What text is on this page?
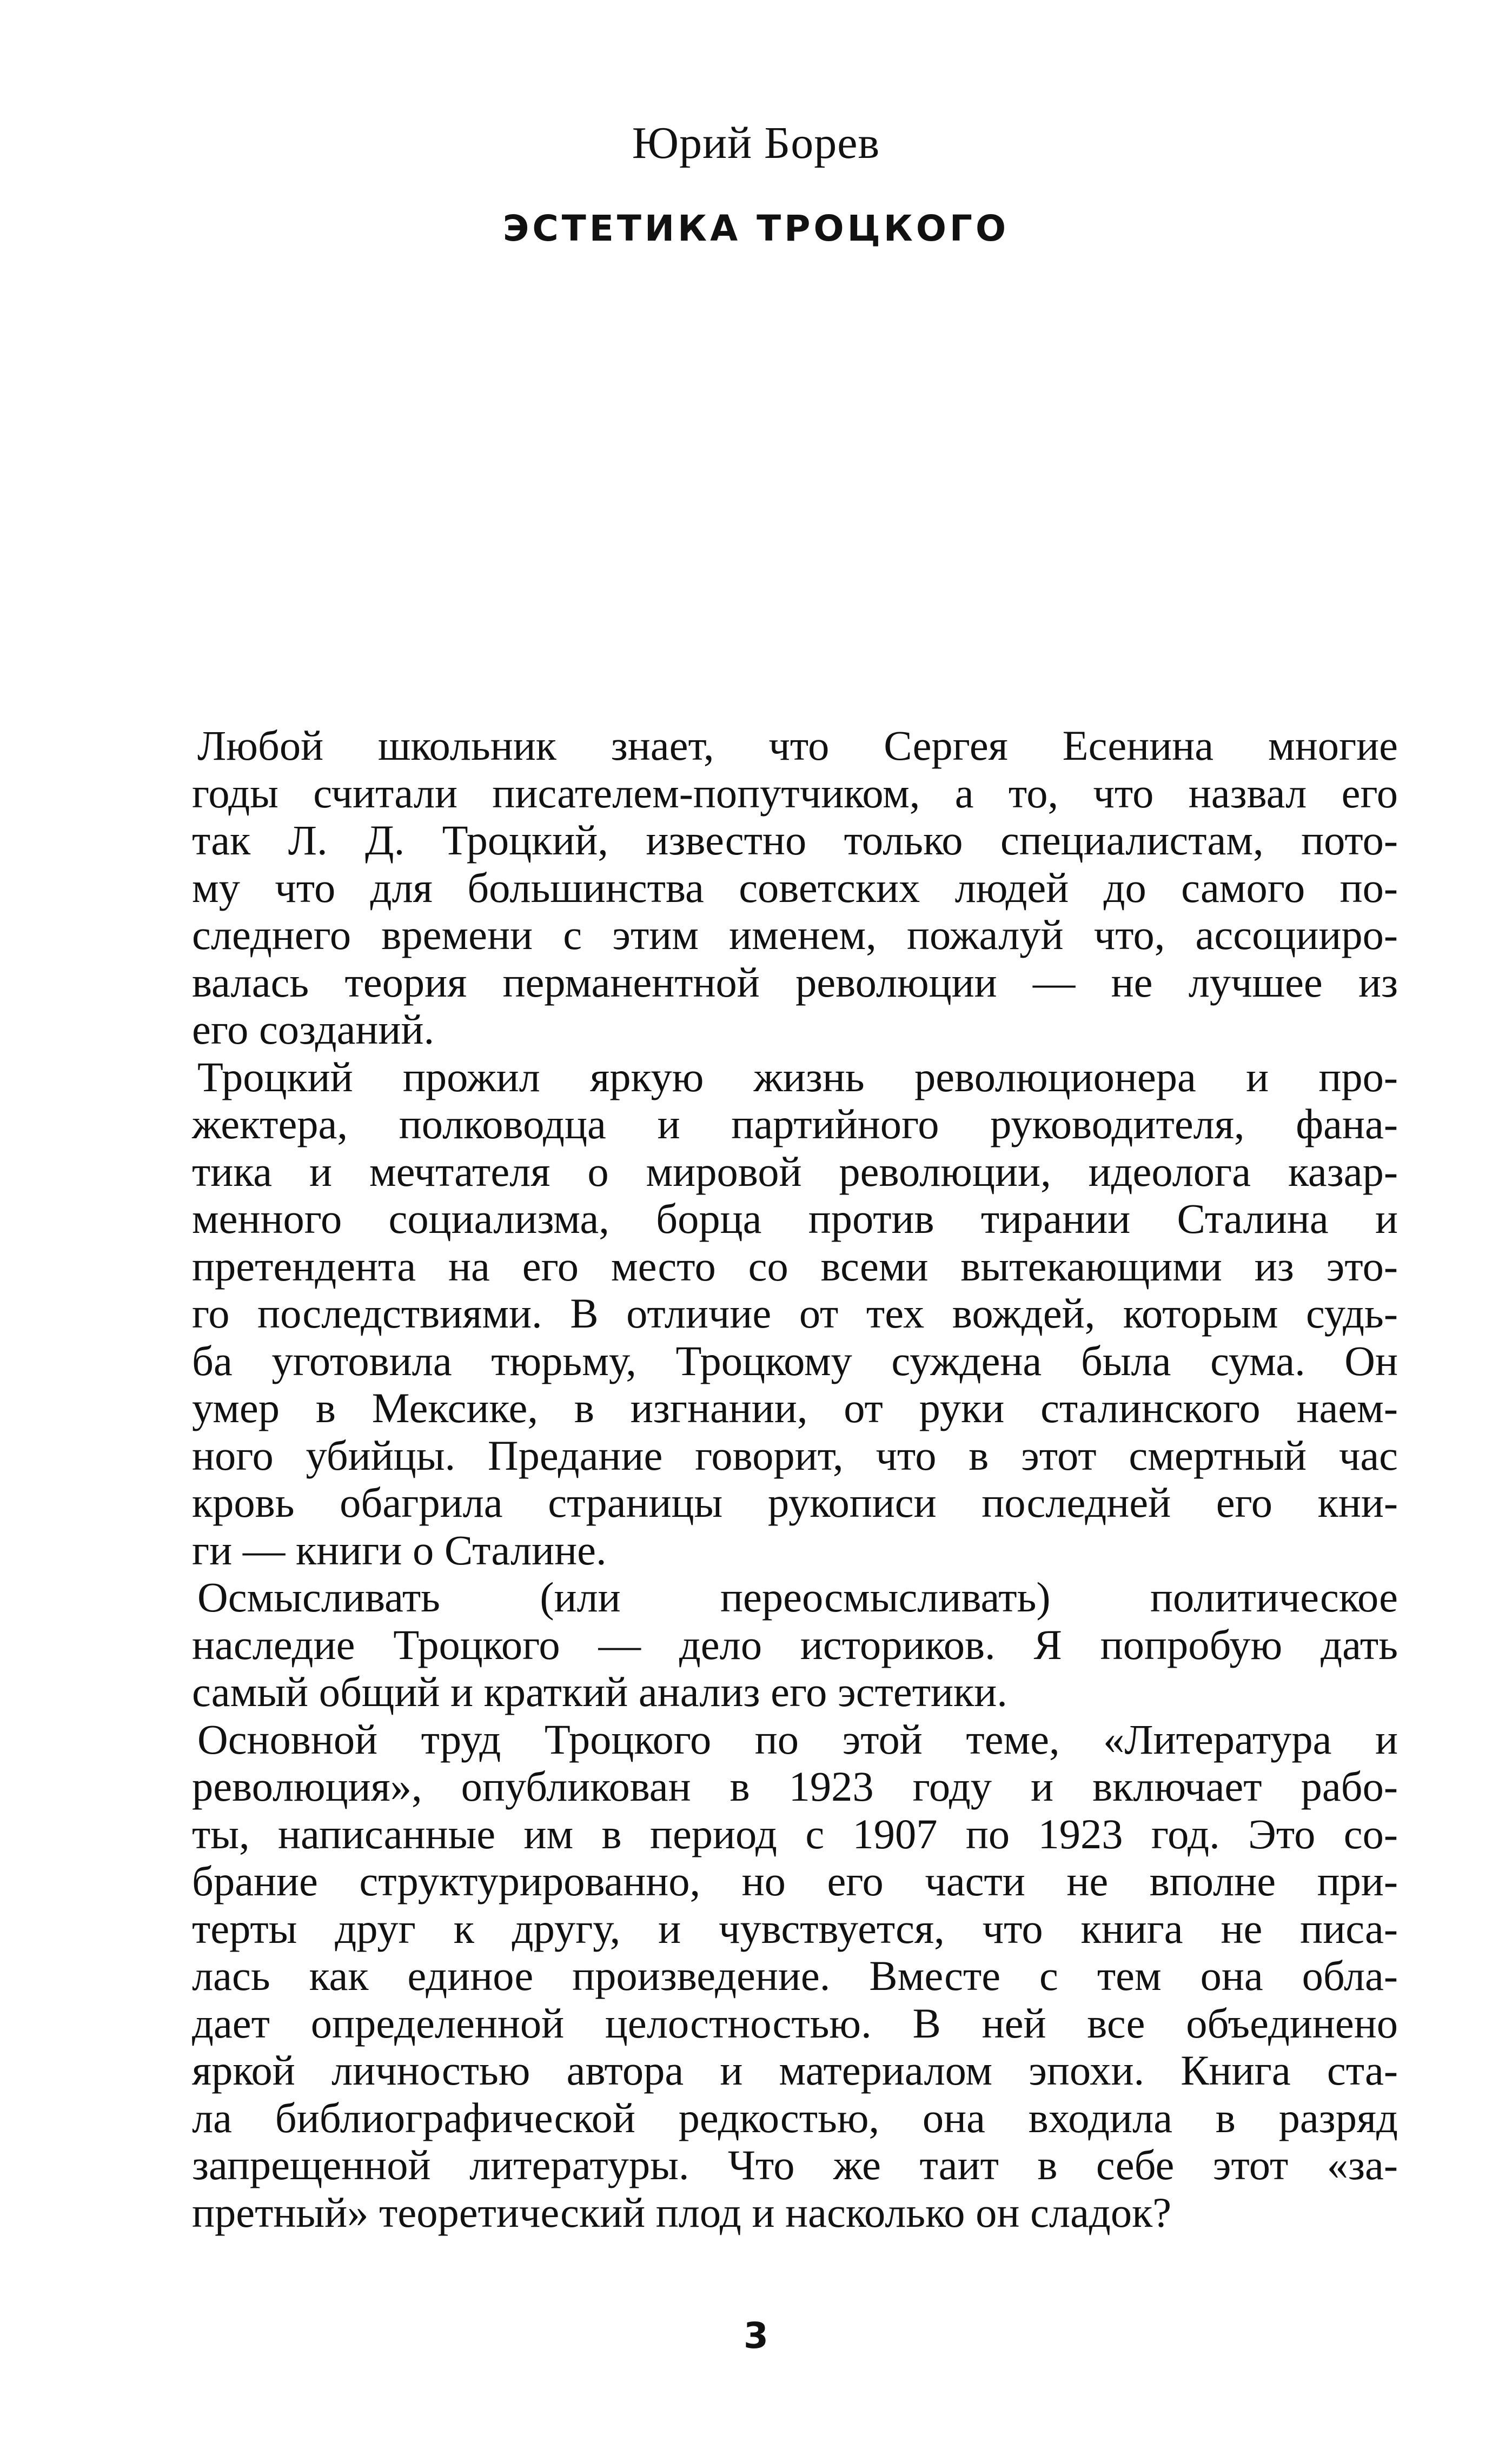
Юрий Борев
ЭСТЕТИКА ТРОЦКОГО
Любой школьник знает, что Сергея Есенина многие
годы считали писателем-попутчиком, а то, что назвал его
так Л. Д. Троцкий, известно только специалистам, пото-
му что для большинства советских людей до самого по-
следнего времени с этим именем, пожалуй что, ассоцииро-
валась теория перманентной революции — не лучшее из
его созданий.
Троцкий прожил яркую жизнь революционера и про-
жектера, полководца и партийного руководителя, фана-
тика и мечтателя о мировой революции, идеолога казар-
менного социализма, борца против тирании Сталина и
претендента на его место со всеми вытекающими из это-
го последствиями. В отличие от тех вождей, которым судь-
ба уготовила тюрьму, Троцкому суждена была сума. Он
умер в Мексике, в изгнании, от руки сталинского наем-
ного убийцы. Предание говорит, что в этот смертный час
кровь обагрила страницы рукописи последней его кни-
ги — книги о Сталине.
Осмысливать (или переосмысливать) политическое
наследие Троцкого — дело историков. Я попробую дать
самый общий и краткий анализ его эстетики.
Основной труд Троцкого по этой теме, «Литература и
революция», опубликован в 1923 году и включает рабо-
ты, написанные им в период с 1907 по 1923 год. Это со-
брание структурированно, но его части не вполне при-
терты друг к другу, и чувствуется, что книга не писа-
лась как единое произведение. Вместе с тем она обла-
дает определенной целостностью. В ней все объединено
яркой личностью автора и материалом эпохи. Книга ста-
ла библиографической редкостью, она входила в разряд
запрещенной литературы. Что же таит в себе этот «за-
претный» теоретический плод и насколько он сладок?
3
